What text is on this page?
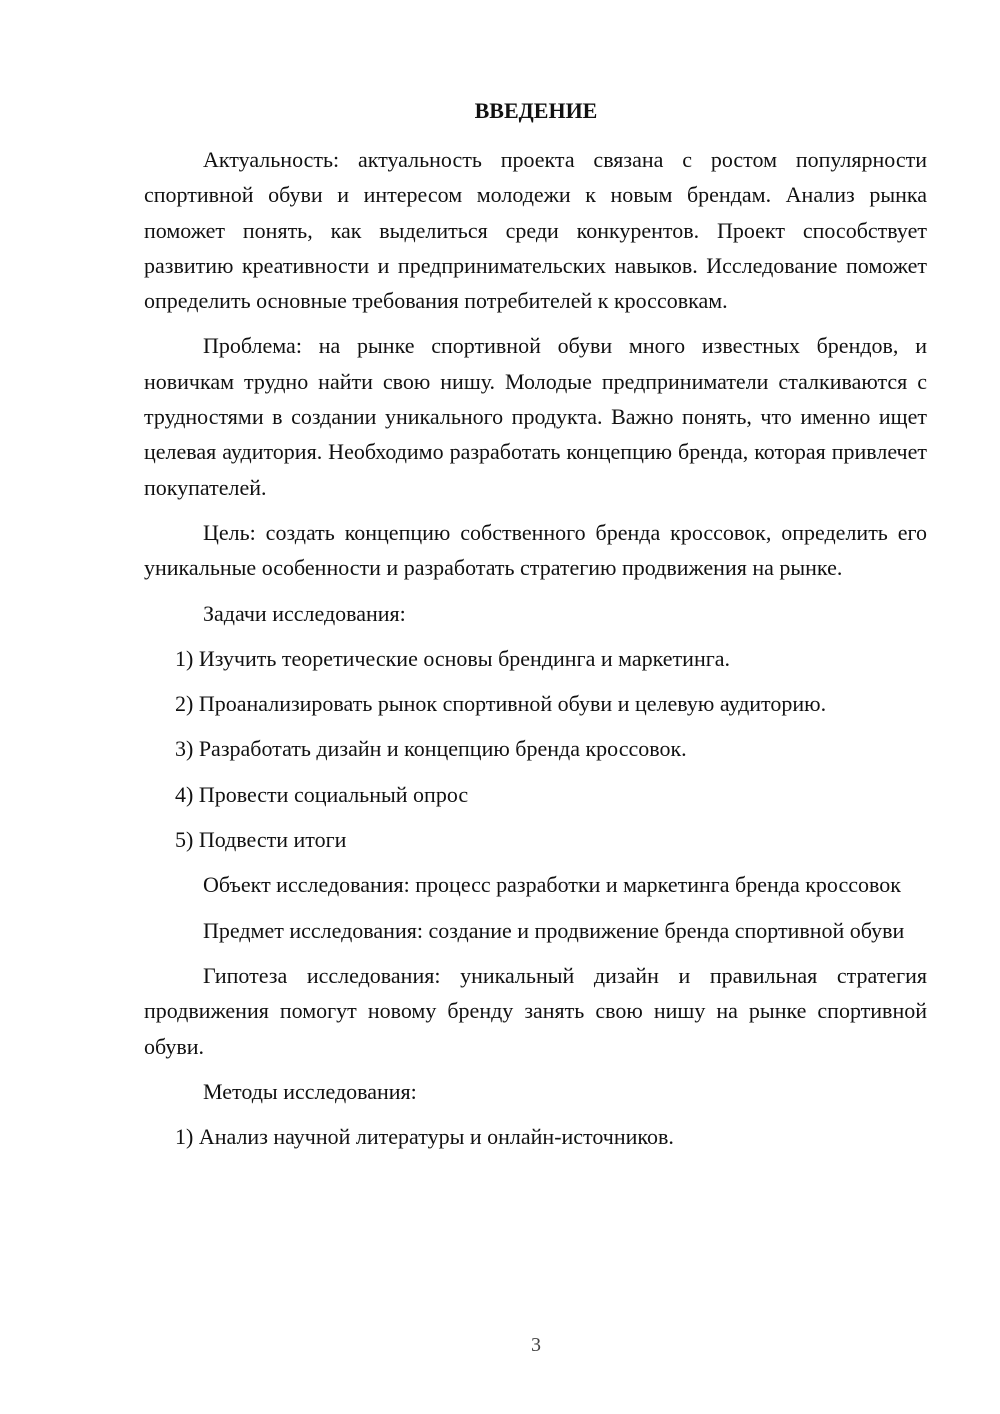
ВВЕДЕНИЕ

Актуальность: актуальность проекта связана с ростом популярности спортивной обуви и интересом молодежи к новым брендам. Анализ рынка поможет понять, как выделиться среди конкурентов. Проект способствует развитию креативности и предпринимательских навыков. Исследование поможет определить основные требования потребителей к кроссовкам.

Проблема: на рынке спортивной обуви много известных брендов, и новичкам трудно найти свою нишу. Молодые предприниматели сталкиваются с трудностями в создании уникального продукта. Важно понять, что именно ищет целевая аудитория. Необходимо разработать концепцию бренда, которая привлечет покупателей.

Цель: создать концепцию собственного бренда кроссовок, определить его уникальные особенности и разработать стратегию продвижения на рынке.

Задачи исследования:

1) Изучить теоретические основы брендинга и маркетинга.

2) Проанализировать рынок спортивной обуви и целевую аудиторию.

3) Разработать дизайн и концепцию бренда кроссовок.

4) Провести социальный опрос

5) Подвести итоги

Объект исследования: процесс разработки и маркетинга бренда кроссовок

Предмет исследования: создание и продвижение бренда спортивной обуви

Гипотеза исследования: уникальный дизайн и правильная стратегия продвижения помогут новому бренду занять свою нишу на рынке спортивной обуви.

Методы исследования:

1) Анализ научной литературы и онлайн-источников.

3
